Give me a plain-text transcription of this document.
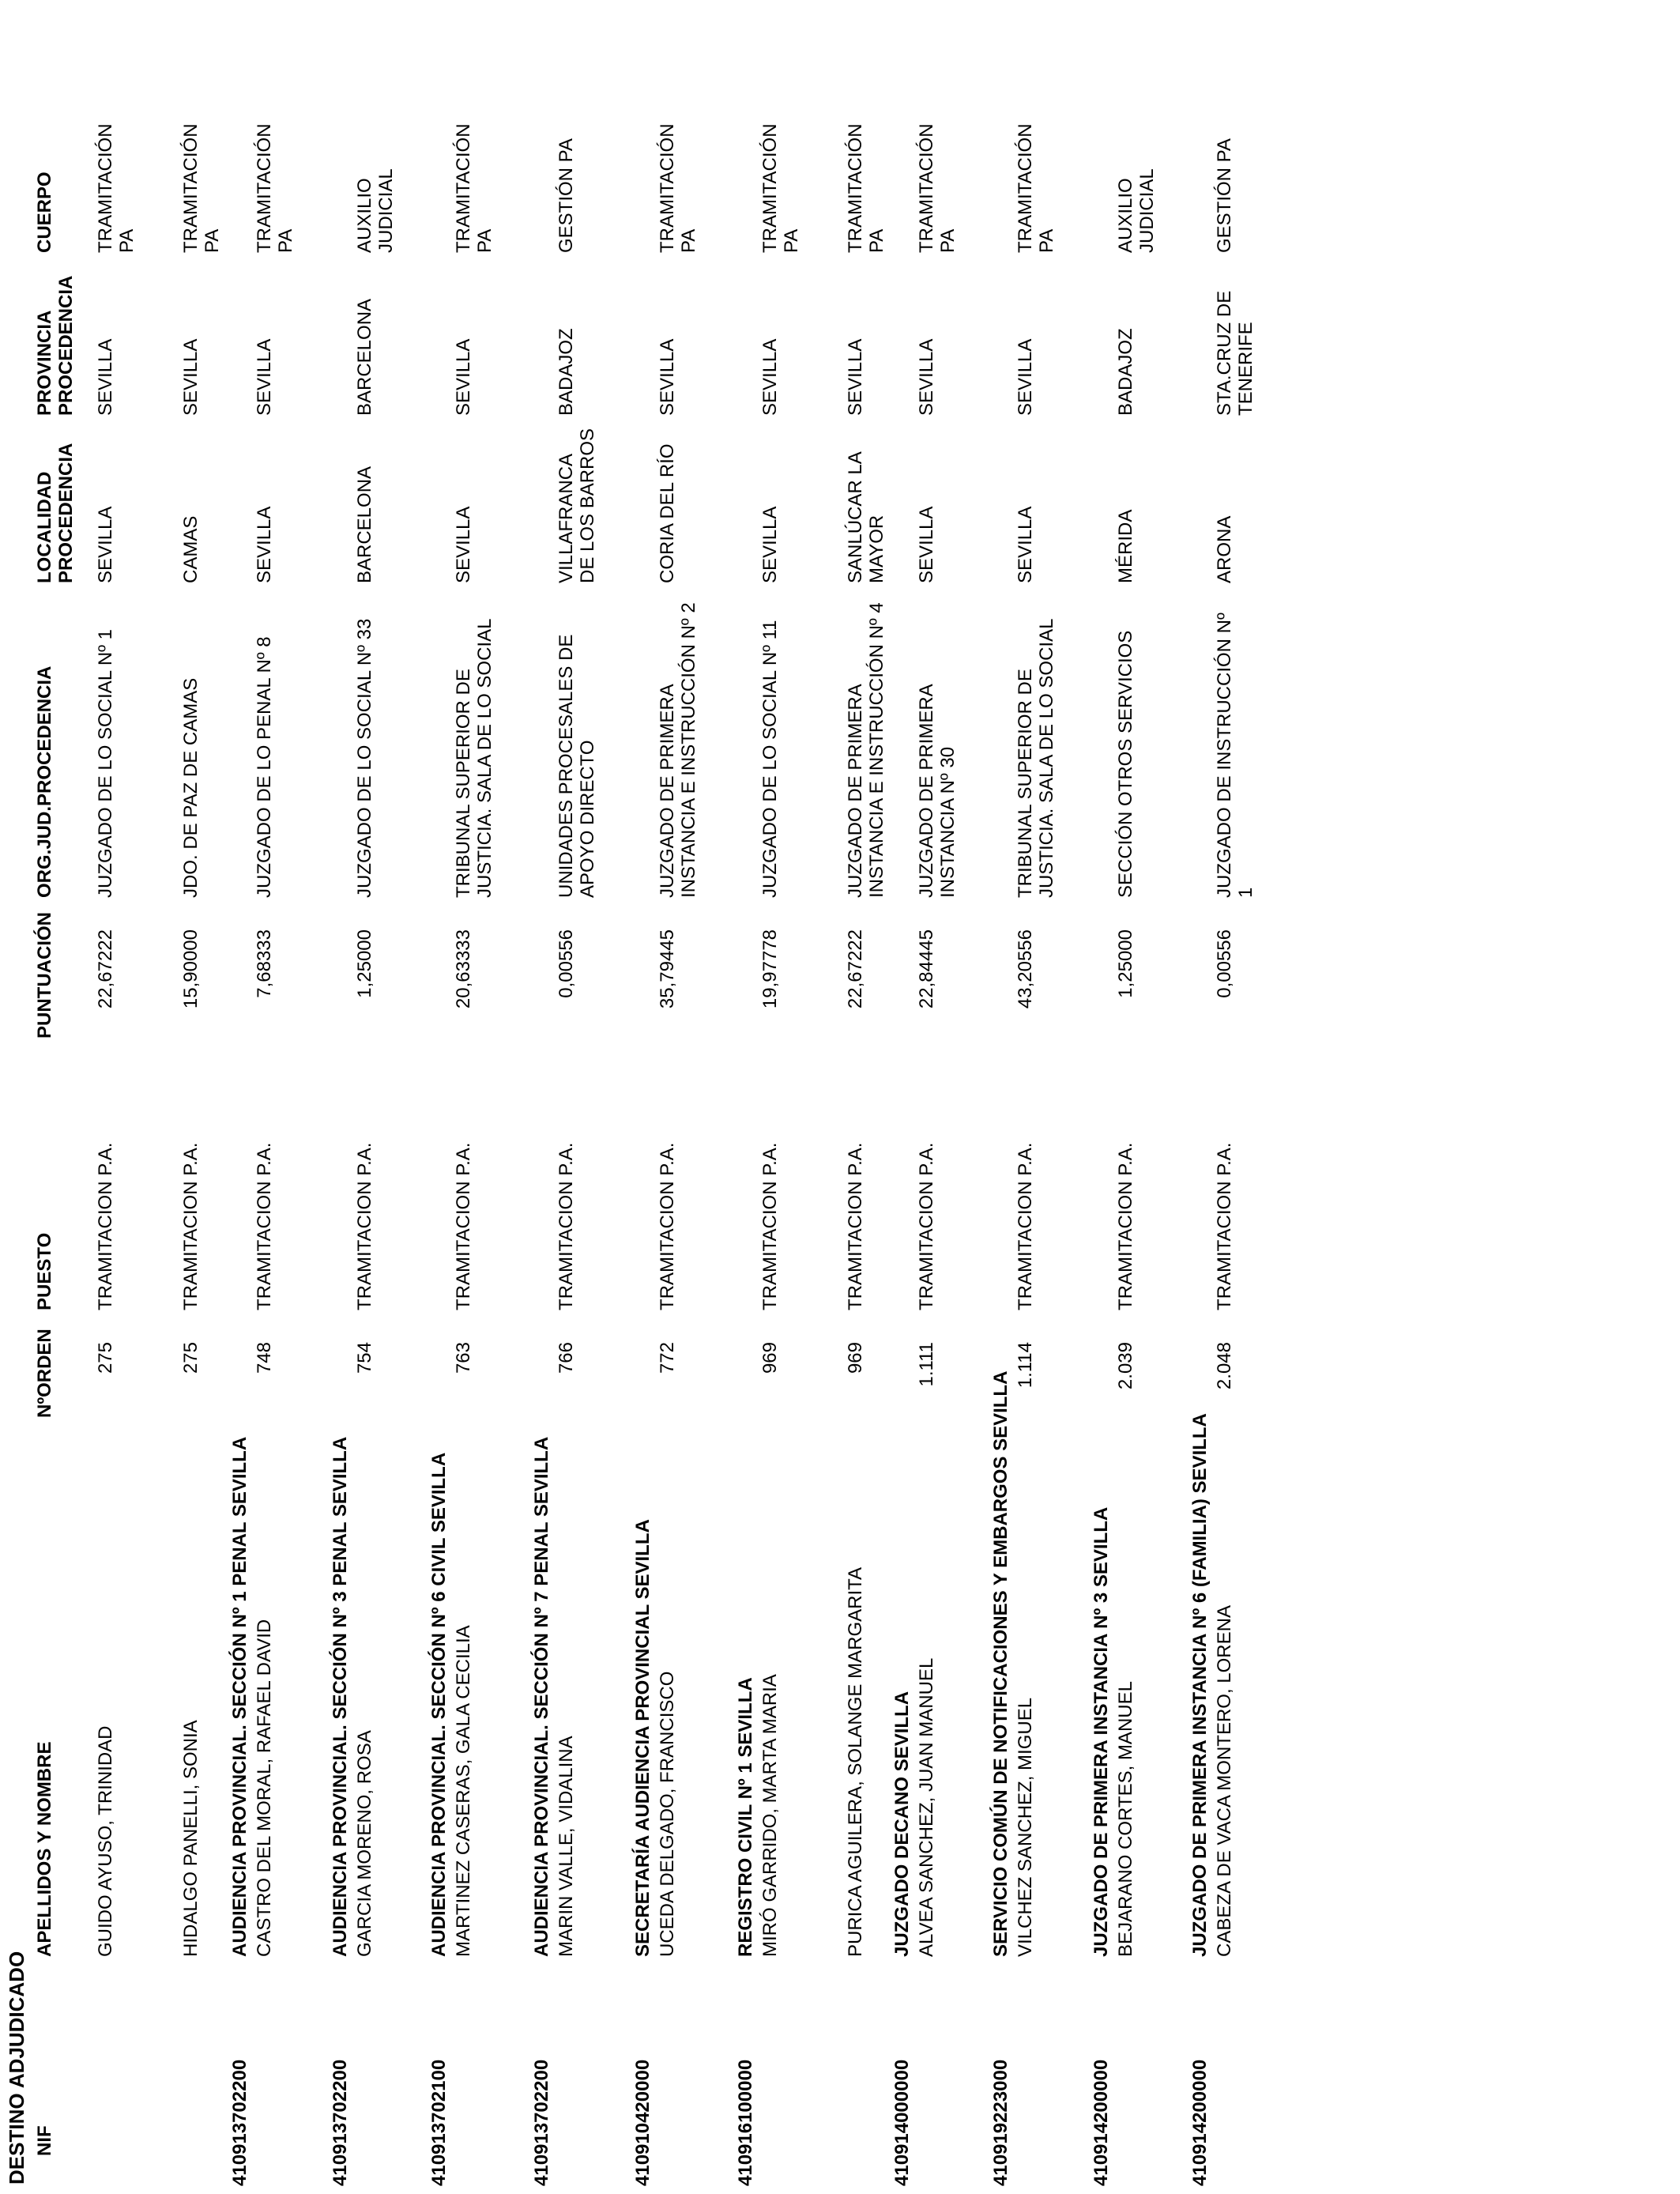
DESTINO ADJUDICADO NIF
APELLIDOS Y NOMBRE
NºORDEN
PUESTO
PUNTUACIÓN
ORG.JUD.PROCEDENCIA
LOCALIDAD PROCEDENCIA
PROVINCIA PROCEDENCIA
CUERPO
GUIDO AYUSO, TRINIDAD
275
TRAMITACION P.A.
22,67222
JUZGADO DE LO SOCIAL Nº 1
SEVILLA
SEVILLA
TRAMITACIÓN PA
HIDALGO PANELLI, SONIA
275
TRAMITACION P.A.
15,90000
JDO. DE PAZ DE CAMAS
CAMAS
SEVILLA
TRAMITACIÓN PA
410913702200
AUDIENCIA PROVINCIAL. SECCIÓN Nº 1 PENAL SEVILLA CASTRO DEL MORAL, RAFAEL DAVID
748
TRAMITACION P.A.
7,68333
JUZGADO DE LO PENAL Nº 8
SEVILLA
SEVILLA
TRAMITACIÓN PA
410913702200
AUDIENCIA PROVINCIAL. SECCIÓN Nº 3 PENAL SEVILLA GARCIA MORENO, ROSA
754
TRAMITACION P.A.
1,25000
JUZGADO DE LO SOCIAL Nº 33
BARCELONA
BARCELONA
AUXILIO JUDICIAL
410913702100
AUDIENCIA PROVINCIAL. SECCIÓN Nº 6 CIVIL SEVILLA MARTINEZ CASERAS, GALA CECILIA
763
TRAMITACION P.A.
20,63333
TRIBUNAL SUPERIOR DE JUSTICIA. SALA DE LO SOCIAL
SEVILLA
SEVILLA
TRAMITACIÓN PA
410913702200
AUDIENCIA PROVINCIAL. SECCIÓN Nº 7 PENAL SEVILLA MARIN VALLE, VIDALINA
766
TRAMITACION P.A.
0,00556
UNIDADES PROCESALES DE APOYO DIRECTO
VILLAFRANCA DE LOS BARROS
BADAJOZ
GESTIÓN PA
410910420000
SECRETARÍA AUDIENCIA PROVINCIAL SEVILLA UCEDA DELGADO, FRANCISCO
772
TRAMITACION P.A.
35,79445
JUZGADO DE PRIMERA INSTANCIA E INSTRUCCIÓN Nº 2
CORIA DEL RÍO
SEVILLA
TRAMITACIÓN PA
410916100000
REGISTRO CIVIL Nº 1 SEVILLA MIRÓ GARRIDO, MARTA MARIA
969
TRAMITACION P.A.
19,97778
JUZGADO DE LO SOCIAL Nº 11
SEVILLA
SEVILLA
TRAMITACIÓN PA
PURICA AGUILERA, SOLANGE MARGARITA
969
TRAMITACION P.A.
22,67222
JUZGADO DE PRIMERA INSTANCIA E INSTRUCCIÓN Nº 4
SANLÚCAR LA MAYOR
SEVILLA
TRAMITACIÓN PA
410914000000
JUZGADO DECANO SEVILLA ALVEA SANCHEZ, JUAN MANUEL
1.111
TRAMITACION P.A.
22,84445
JUZGADO DE PRIMERA INSTANCIA Nº 30
SEVILLA
SEVILLA
TRAMITACIÓN PA
410919223000
SERVICIO COMÚN DE NOTIFICACIONES Y EMBARGOS SEVILLA VILCHEZ SANCHEZ, MIGUEL
1.114
TRAMITACION P.A.
43,20556
TRIBUNAL SUPERIOR DE JUSTICIA. SALA DE LO SOCIAL
SEVILLA
SEVILLA
TRAMITACIÓN PA
410914200000
JUZGADO DE PRIMERA INSTANCIA Nº 3 SEVILLA BEJARANO CORTES, MANUEL
2.039
TRAMITACION P.A.
1,25000
SECCIÓN OTROS SERVICIOS
MÉRIDA
BADAJOZ
AUXILIO JUDICIAL
410914200000
JUZGADO DE PRIMERA INSTANCIA Nº 6 (FAMILIA) SEVILLA CABEZA DE VACA MONTERO, LORENA
2.048
TRAMITACION P.A.
0,00556
JUZGADO DE INSTRUCCIÓN Nº 1
ARONA
STA.CRUZ DE TENERIFE
GESTIÓN PA
